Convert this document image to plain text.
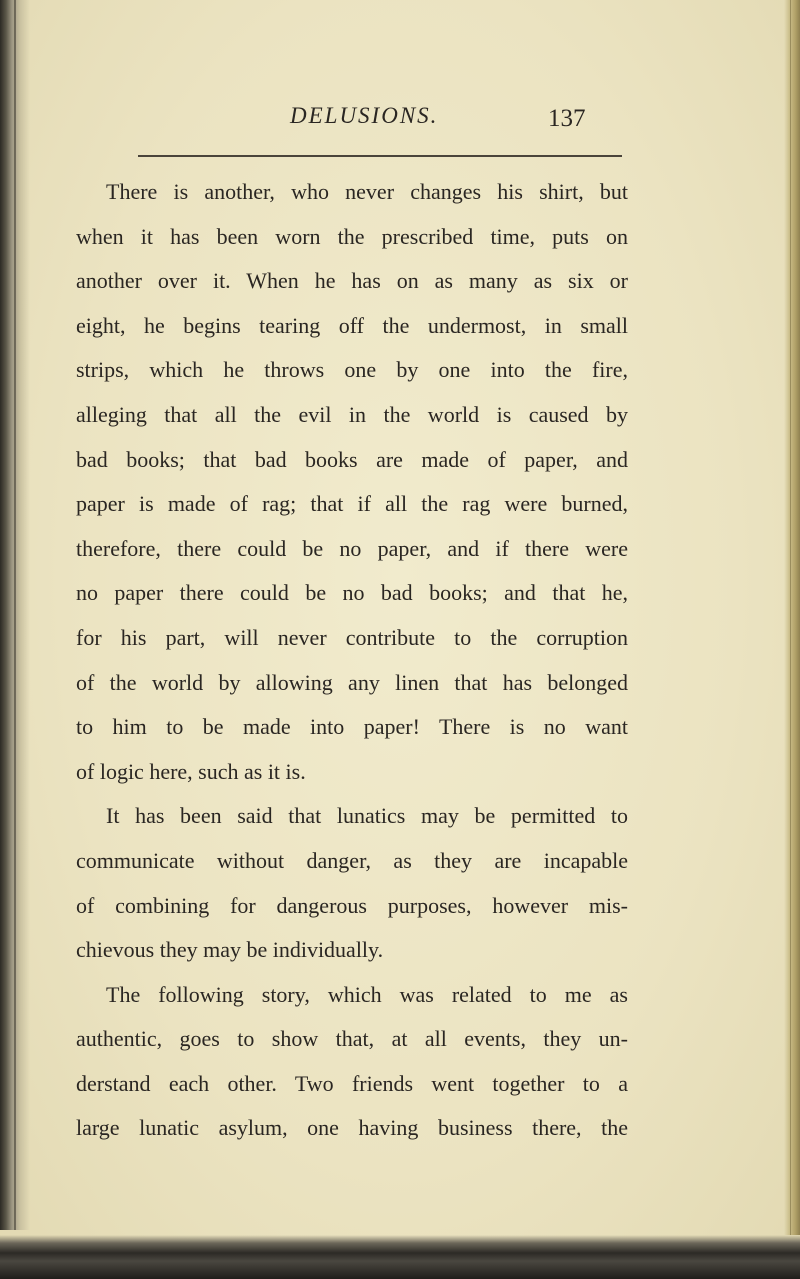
DELUSIONS.	137
There is another, who never changes his shirt, but
when it has been worn the prescribed time, puts on
another over it. When he has on as many as six or
eight, he begins tearing off the undermost, in small
strips, which he throws one by one into the fire,
alleging that all the evil in the world is caused by
bad books; that bad books are made of paper, and
paper is made of rag; that if all the rag were burned,
therefore, there could be no paper, and if there were
no paper there could be no bad books; and that he,
for his part, will never contribute to the corruption
of the world by allowing any linen that has belonged
to him to be made into paper! There is no want
of logic here, such as it is.
It has been said that lunatics may be permitted to
communicate without danger, as they are incapable
of combining for dangerous purposes, however mis-
chievous they may be individually.
The following story, which was related to me as
authentic, goes to show that, at all events, they un-
derstand each other. Two friends went together to a
large lunatic asylum, one having business there, the
